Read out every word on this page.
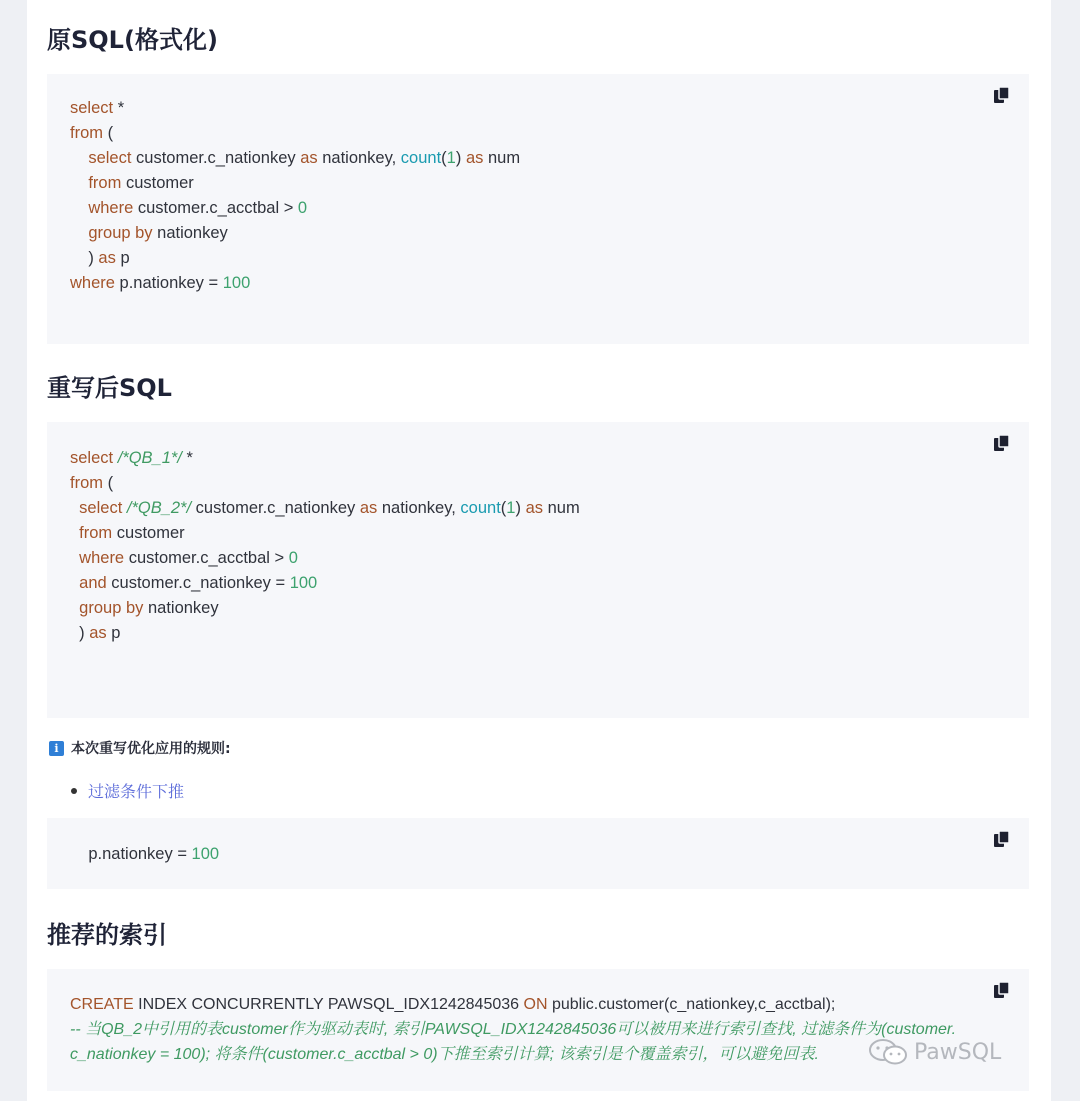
原SQL(格式化)
select *
from (
select customer.c_nationkey as nationkey, count(1) as num
from customer
where customer.c_acctbal > 0
group by nationkey
) as p
where p.nationkey = 100
重写后SQL
select /*QB_1*/ *
from (
select /*QB_2*/ customer.c_nationkey as nationkey, count(1) as num
from customer
where customer.c_acctbal > 0
and customer.c_nationkey = 100
group by nationkey
) as p
i 本次重写优化应用的规则:
过滤条件下推
p.nationkey = 100
推荐的索引
CREATE INDEX CONCURRENTLY PAWSQL_IDX1242845036 ON public.customer(c_nationkey,c_acctbal);
-- 当QB_2中引用的表customer作为驱动表时, 索引PAWSQL_IDX1242845036可以被用来进行索引查找, 过滤条件为(customer.
c_nationkey = 100); 将条件(customer.c_acctbal > 0)下推至索引计算; 该索引是个覆盖索引，可以避免回表.	PawSQL
